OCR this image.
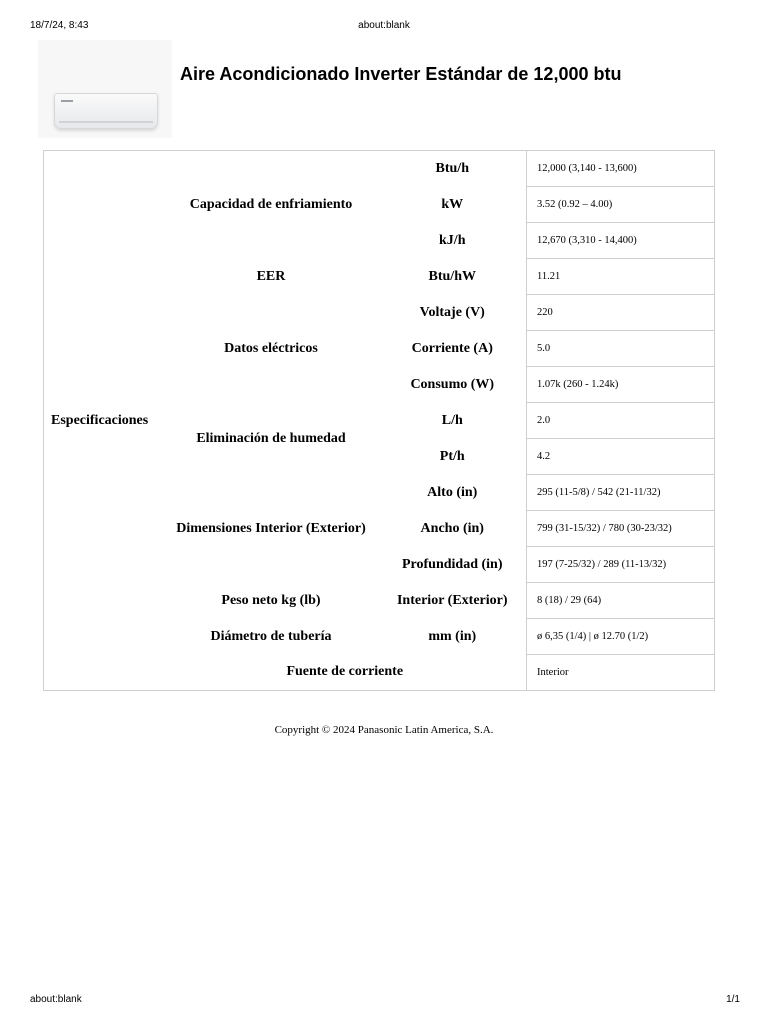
18/7/24, 8:43	about:blank
Aire Acondicionado Inverter Estándar de 12,000 btu
Especificaciones	Capacidad de enfriamiento	Btu/h	12,000 (3,140 - 13,600)
		kW	3.52 (0.92 – 4.00)
		kJ/h	12,670 (3,310 - 14,400)
	EER	Btu/hW	11.21
	Datos eléctricos	Voltaje (V)	220
		Corriente (A)	5.0
		Consumo (W)	1.07k (260 - 1.24k)
	Eliminación de humedad	L/h	2.0
		Pt/h	4.2
	Dimensiones Interior (Exterior)	Alto (in)	295 (11-5/8) / 542 (21-11/32)
		Ancho (in)	799 (31-15/32) / 780 (30-23/32)
		Profundidad (in)	197 (7-25/32) / 289 (11-13/32)
	Peso neto kg (lb)	Interior (Exterior)	8 (18) / 29 (64)
	Diámetro de tubería	mm (in)	ø 6,35 (1/4) | ø 12.70 (1/2)
	Fuente de corriente		Interior
Copyright © 2024 Panasonic Latin America, S.A.
about:blank	1/1
